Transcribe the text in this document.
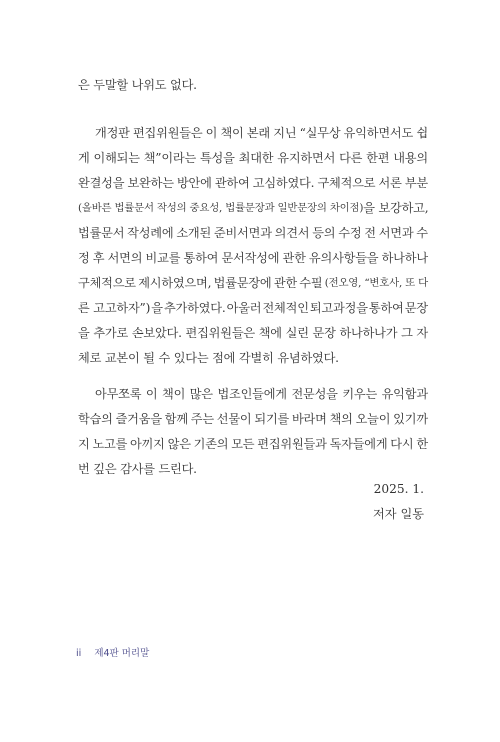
은 두말할 나위도 없다.
개정판 편집위원들은 이 책이 본래 지닌 “실무상 유익하면서도 쉽
게 이해되는 책”이라는 특성을 최대한 유지하면서 다른 한편 내용의
완결성을 보완하는 방안에 관하여 고심하였다. 구체적으로 서론 부분
(올바른 법률문서 작성의 중요성, 법률문장과 일반문장의 차이점) 을 보강하고,
법률문서 작성례에 소개된 준비서면과 의견서 등의 수정 전 서면과 수
정 후 서면의 비교를 통하여 문서작성에 관한 유의사항들을 하나하나
구체적으로 제시하였으며, 법률문장에 관한 수필 (전오영, “변호사, 또 다
른 고고하자”) 을 추가하였다. 아울러 전체적인 퇴고과정을 통하여 문장
을 추가로 손보았다. 편집위원들은 책에 실린 문장 하나하나가 그 자
체로 교본이 될 수 있다는 점에 각별히 유념하였다.
아무쪼록 이 책이 많은 법조인들에게 전문성을 키우는 유익함과
학습의 즐거움을 함께 주는 선물이 되기를 바라며 책의 오늘이 있기까
지 노고를 아끼지 않은 기존의 모든 편집위원들과 독자들에게 다시 한
번 깊은 감사를 드린다.
2025. 1.
저자 일동
ii 제4판 머리말
